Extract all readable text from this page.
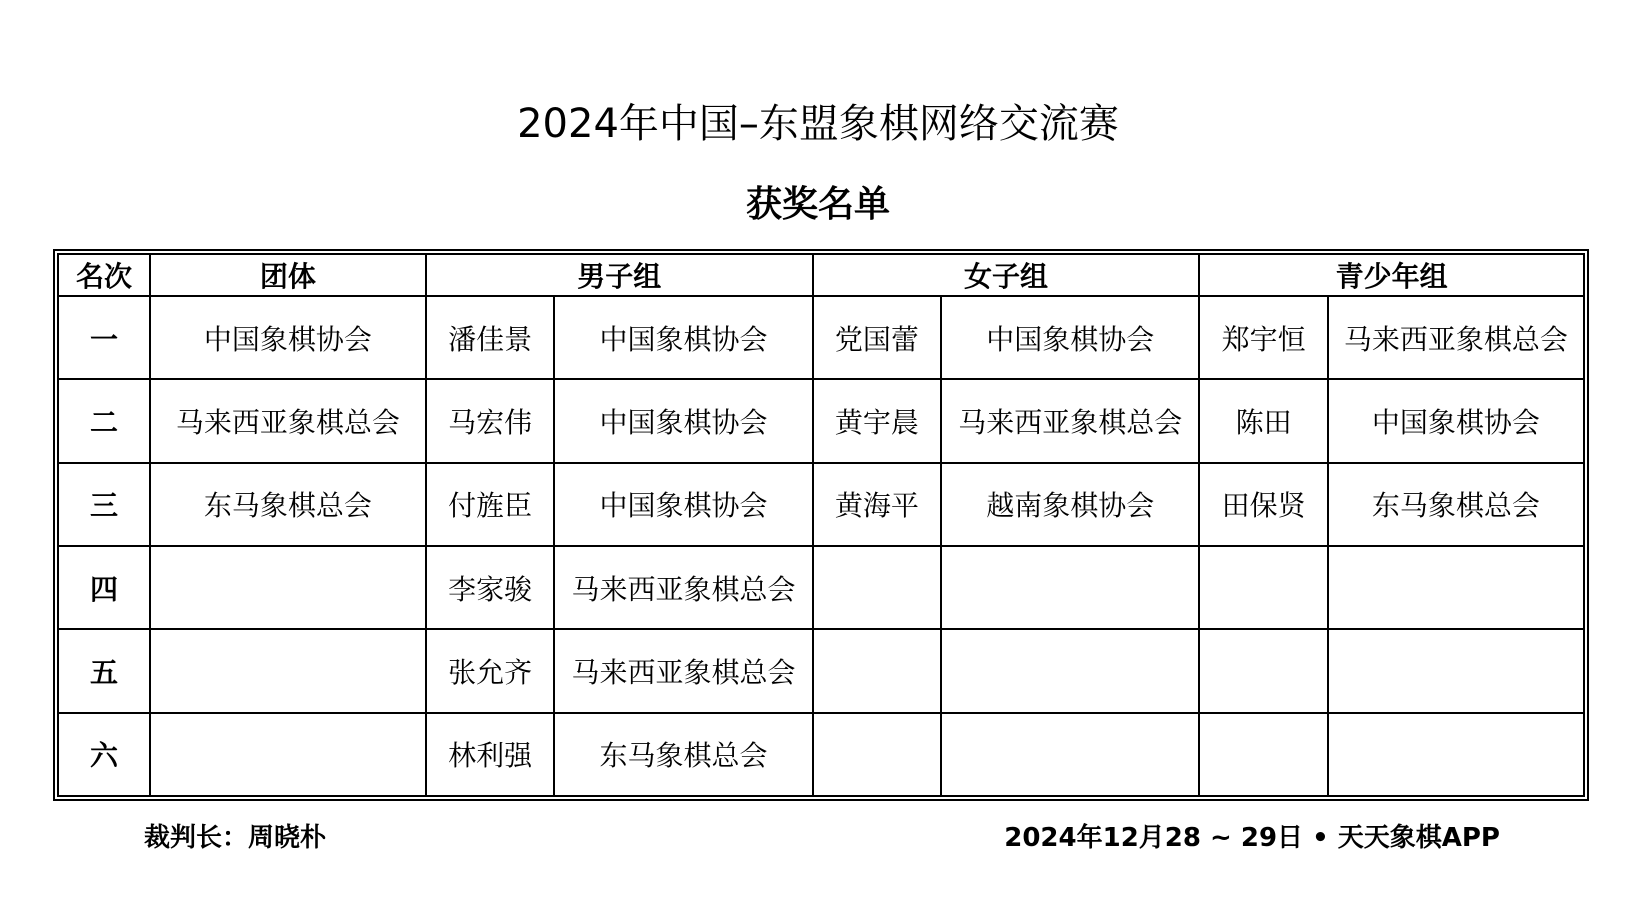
2024年中国–东盟象棋网络交流赛
获奖名单
名次	团体	男子组		女子组		青少年组	
一	中国象棋协会	潘佳景	中国象棋协会	党国蕾	中国象棋协会	郑宇恒	马来西亚象棋总会
二	马来西亚象棋总会	马宏伟	中国象棋协会	黄宇晨	马来西亚象棋总会	陈田	中国象棋协会
三	东马象棋总会	付旌臣	中国象棋协会	黄海平	越南象棋协会	田保贤	东马象棋总会
四		李家骏	马来西亚象棋总会				
五		张允齐	马来西亚象棋总会				
六		林利强	东马象棋总会				
裁判长：周晓朴	2024年12月28 ~ 29日 • 天天象棋APP
